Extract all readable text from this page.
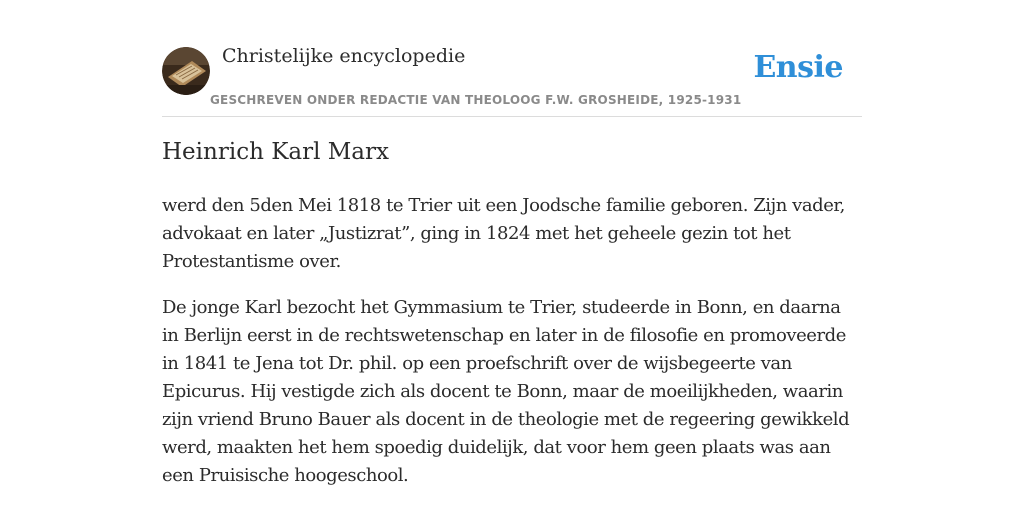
Christelijke encyclopedie
GESCHREVEN ONDER REDACTIE VAN THEOLOOG F.W. GROSHEIDE, 1925-1931
Ensie
Heinrich Karl Marx

werd den 5den Mei 1818 te Trier uit een Joodsche familie geboren. Zijn vader, advokaat en later „Justizrat”, ging in 1824 met het geheele gezin tot het Protestantisme over.

De jonge Karl bezocht het Gymmasium te Trier, studeerde in Bonn, en daarna in Berlijn eerst in de rechtswetenschap en later in de filosofie en promoveerde in 1841 te Jena tot Dr. phil. op een proefschrift over de wijsbegeerte van Epicurus. Hij vestigde zich als docent te Bonn, maar de moeilijkheden, waarin zijn vriend Bruno Bauer als docent in de theologie met de regeering gewikkeld werd, maakten het hem spoedig duidelijk, dat voor hem geen plaats was aan een Pruisische hoogeschool.
